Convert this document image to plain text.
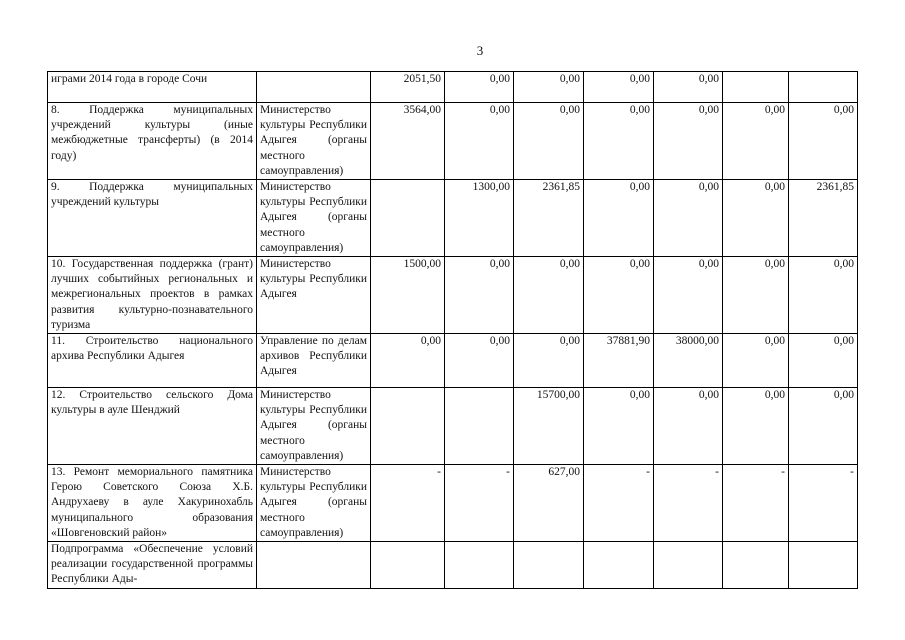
3
играми 2014 года в городе Сочи		2051,50	0,00	0,00	0,00	0,00		
8. Поддержка муниципальных учреждений культуры (иные межбюджетные трансферты) (в 2014 году)	Министерство культуры Республики Адыгея (органы местного самоуправления)	3564,00	0,00	0,00	0,00	0,00	0,00	0,00
9. Поддержка муниципальных учреждений культуры	Министерство культуры Республики Адыгея (органы местного самоуправления)		1300,00	2361,85	0,00	0,00	0,00	2361,85
10. Государственная поддержка (грант) лучших событийных региональных и межрегиональных проектов в рамках развития культурно-познавательного туризма	Министерство культуры Республики Адыгея	1500,00	0,00	0,00	0,00	0,00	0,00	0,00
11. Строительство национального архива Республики Адыгея	Управление по делам архивов Республики Адыгея	0,00	0,00	0,00	37881,90	38000,00	0,00	0,00
12. Строительство сельского Дома культуры в ауле Шенджий	Министерство культуры Республики Адыгея (органы местного самоуправления)			15700,00	0,00	0,00	0,00	0,00
13. Ремонт мемориального памятника Герою Советского Союза Х.Б. Андрухаеву в ауле Хакуринохабль муниципального образования «Шовгеновский район»	Министерство культуры Республики Адыгея (органы местного самоуправления)	-	-	627,00	-	-	-	-
Подпрограмма «Обеспечение условий реализации государственной программы Республики Ады-								
